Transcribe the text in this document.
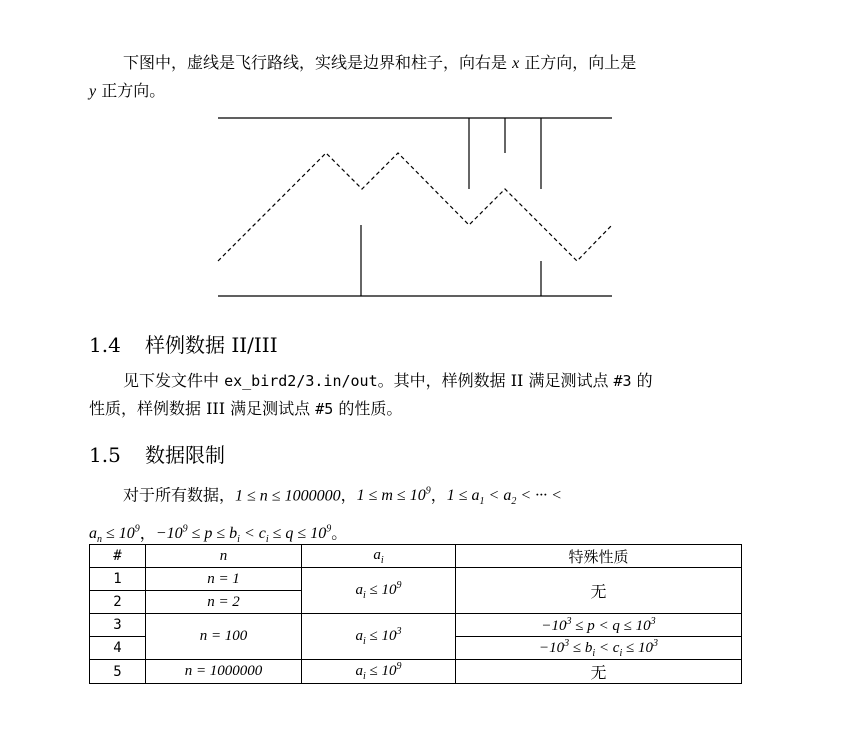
下图中，虚线是飞行路线，实线是边界和柱子，向右是 x 正方向，向上是
y 正方向。
1.4 样例数据 II/III
见下发文件中 ex_bird2/3.in/out。其中，样例数据 II 满足测试点 #3 的
性质，样例数据 III 满足测试点 #5 的性质。
1.5 数据限制
对于所有数据，1 ≤ n ≤ 1000000，$1 \le m \le 10^9$，$1 \le a_1 < a_2$ < ··· <
$a_n \le 10^9$，$-10^9 \le p \le b_i < c_i \le q \le 10^9$。
#	n	$a_i$	特殊性质
1	n = 1	$a_i \le 10^9$	无
2	n = 2		
3	n = 100	$a_i \le 10^3$	$-10^3 \le p < q \le 10^3$
4			$-10^3 \le b_i < c_i \le 10^3$
5	n = 1000000	$a_i \le 10^9$	无
